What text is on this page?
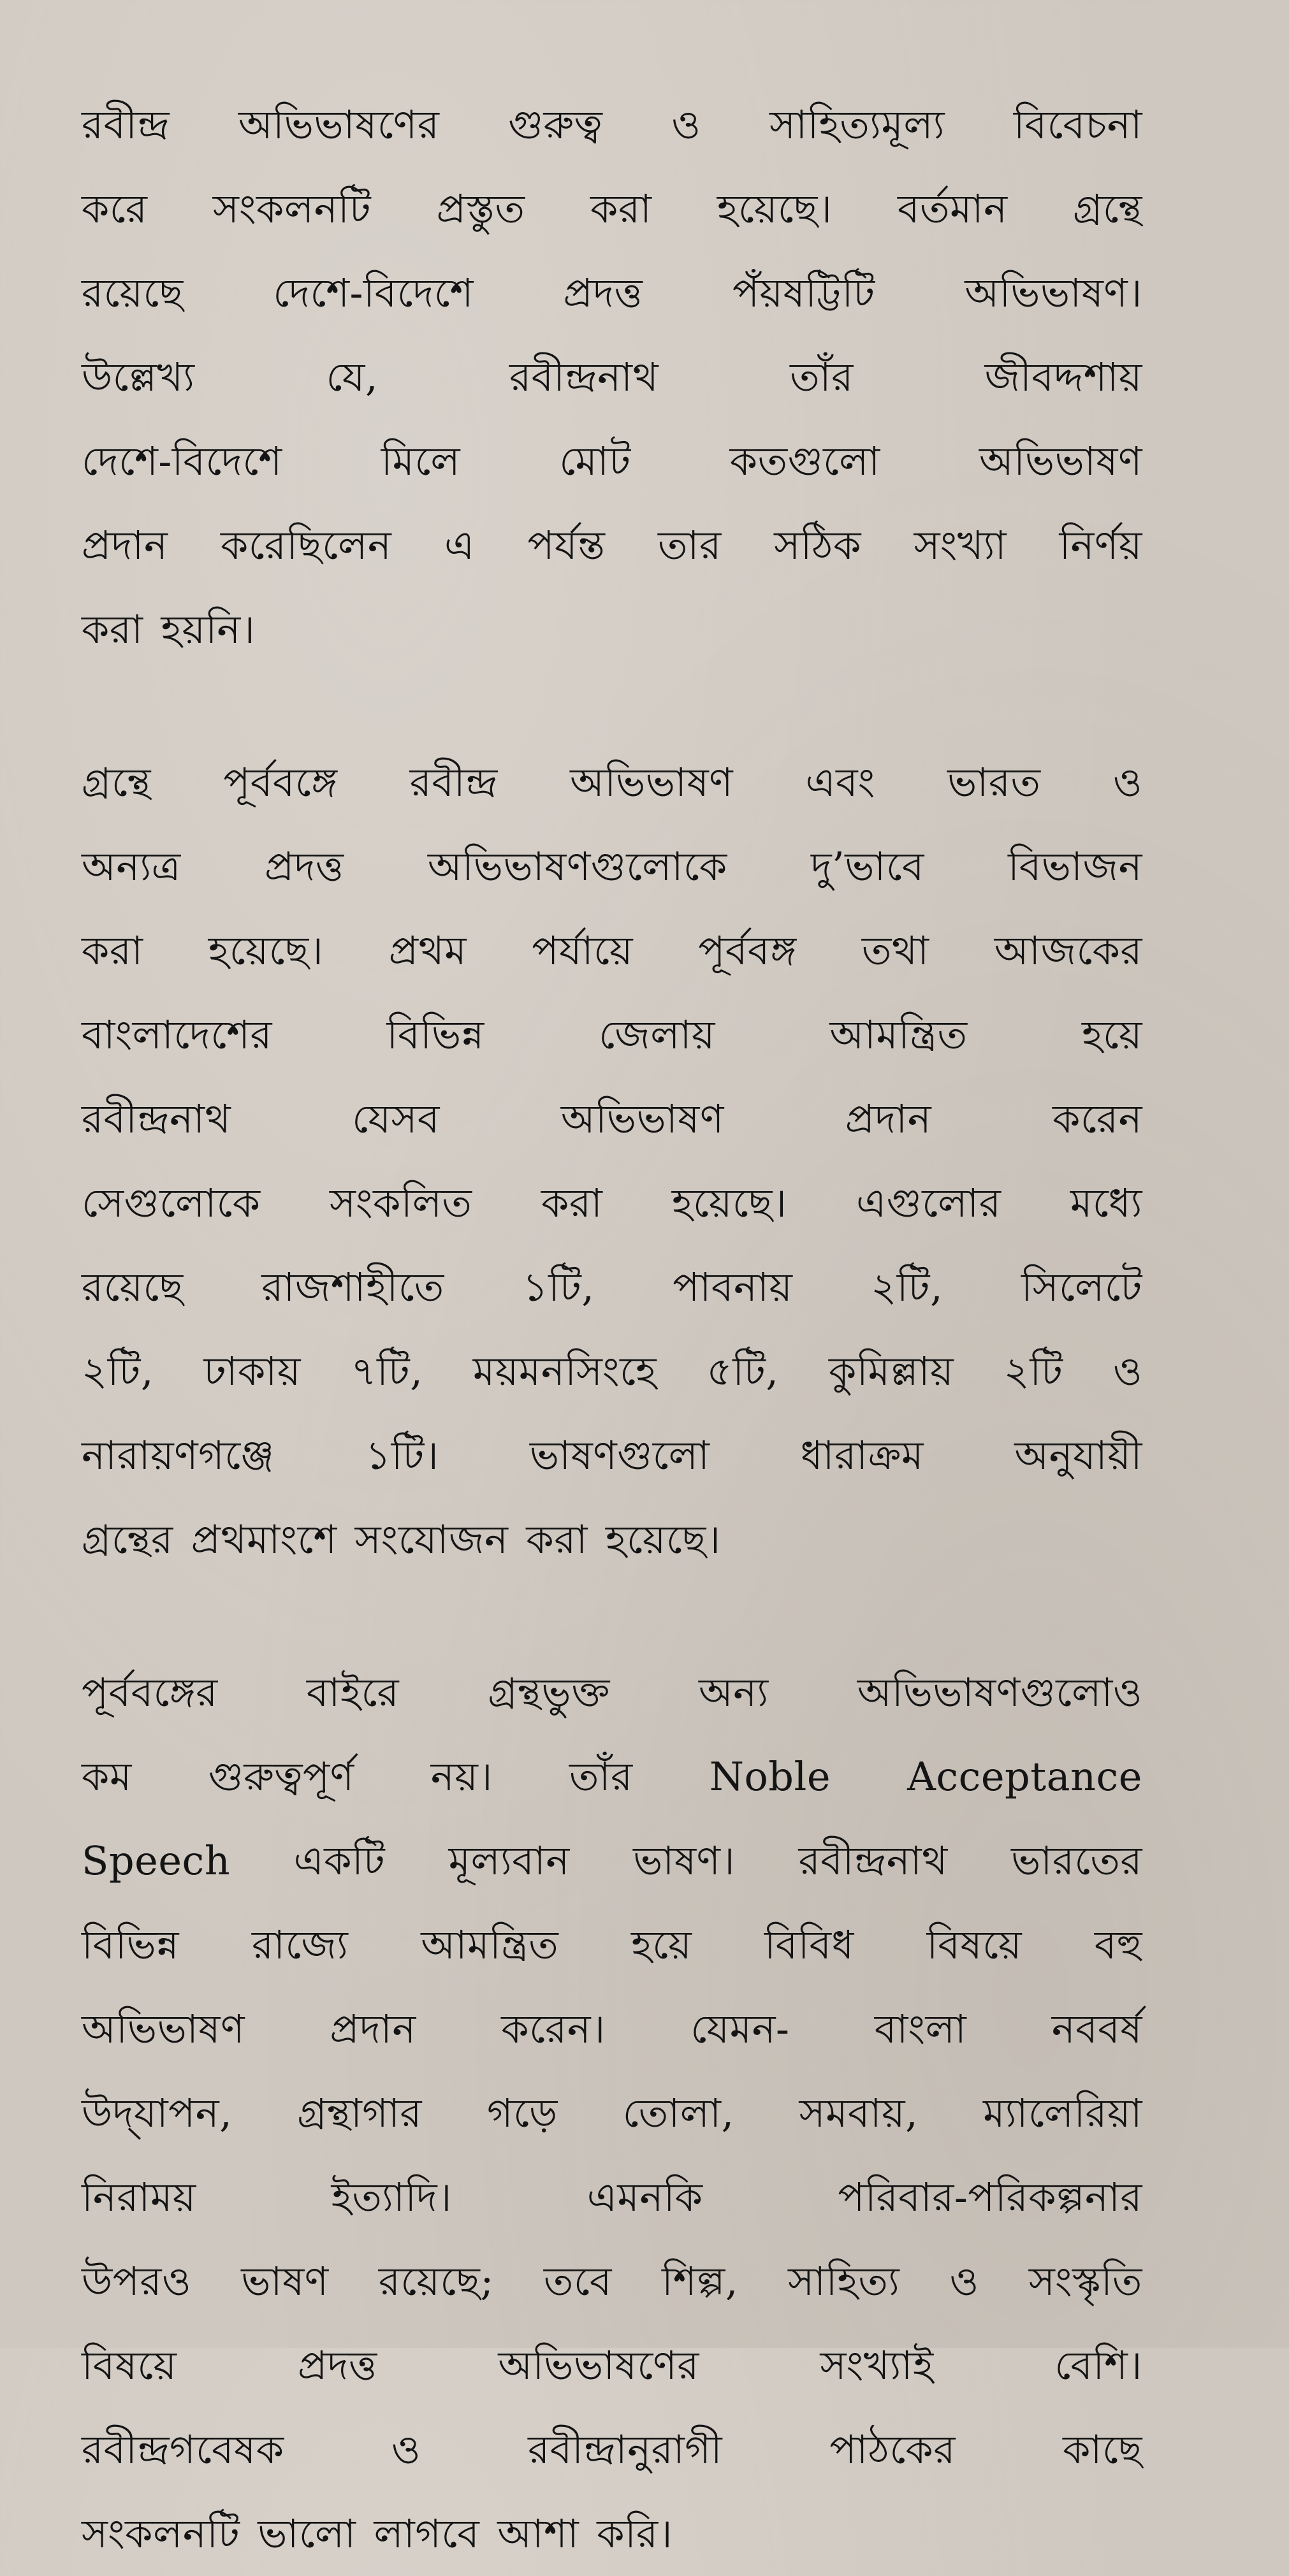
রবীন্দ্র অভিভাষণের গুরুত্ব ও সাহিত্যমূল্য বিবেচনা
করে সংকলনটি প্রস্তুত করা হয়েছে। বর্তমান গ্রন্থে
রয়েছে দেশে-বিদেশে প্রদত্ত পঁয়ষট্টিটি অভিভাষণ।
উল্লেখ্য	যে,	রবীন্দ্রনাথ	তাঁর	জীবদ্দশায়
দেশে-বিদেশে	মিলে	মোট	কতগুলো	অভিভাষণ
প্রদান করেছিলেন এ পর্যন্ত তার সঠিক সংখ্যা নির্ণয়
করা হয়নি।
গ্রন্থে পূর্ববঙ্গে রবীন্দ্র অভিভাষণ এবং ভারত ও
অন্যত্র প্রদত্ত অভিভাষণগুলোকে দু’ভাবে বিভাজন
করা হয়েছে। প্রথম পর্যায়ে পূর্ববঙ্গ তথা আজকের
বাংলাদেশের	বিভিন্ন	জেলায়	আমন্ত্রিত	হয়ে
রবীন্দ্রনাথ	যেসব	অভিভাষণ	প্রদান	করেন
সেগুলোকে সংকলিত করা হয়েছে। এগুলোর মধ্যে
রয়েছে রাজশাহীতে ১টি, পাবনায় ২টি, সিলেটে
২টি, ঢাকায় ৭টি, ময়মনসিংহে ৫টি, কুমিল্লায় ২টি ও
নারায়ণগঞ্জে ১টি। ভাষণগুলো ধারাক্রম অনুযায়ী
গ্রন্থের প্রথমাংশে সংযোজন করা হয়েছে।
পূর্ববঙ্গের বাইরে গ্রন্থভুক্ত অন্য অভিভাষণগুলোও
কম গুরুত্বপূর্ণ নয়। তাঁর Noble Acceptance
Speech একটি মূল্যবান ভাষণ। রবীন্দ্রনাথ ভারতের
বিভিন্ন রাজ্যে আমন্ত্রিত হয়ে বিবিধ বিষয়ে বহু
অভিভাষণ প্রদান করেন। যেমন- বাংলা নববর্ষ
উদ্‌যাপন, গ্রন্থাগার গড়ে তোলা, সমবায়, ম্যালেরিয়া
নিরাময়	ইত্যাদি।	এমনকি	পরিবার-পরিকল্পনার
উপরও ভাষণ রয়েছে; তবে শিল্প, সাহিত্য ও সংস্কৃতি
বিষয়ে	প্রদত্ত	অভিভাষণের	সংখ্যাই	বেশি।
রবীন্দ্রগবেষক	ও	রবীন্দ্রানুরাগী	পাঠকের	কাছে
সংকলনটি ভালো লাগবে আশা করি।
